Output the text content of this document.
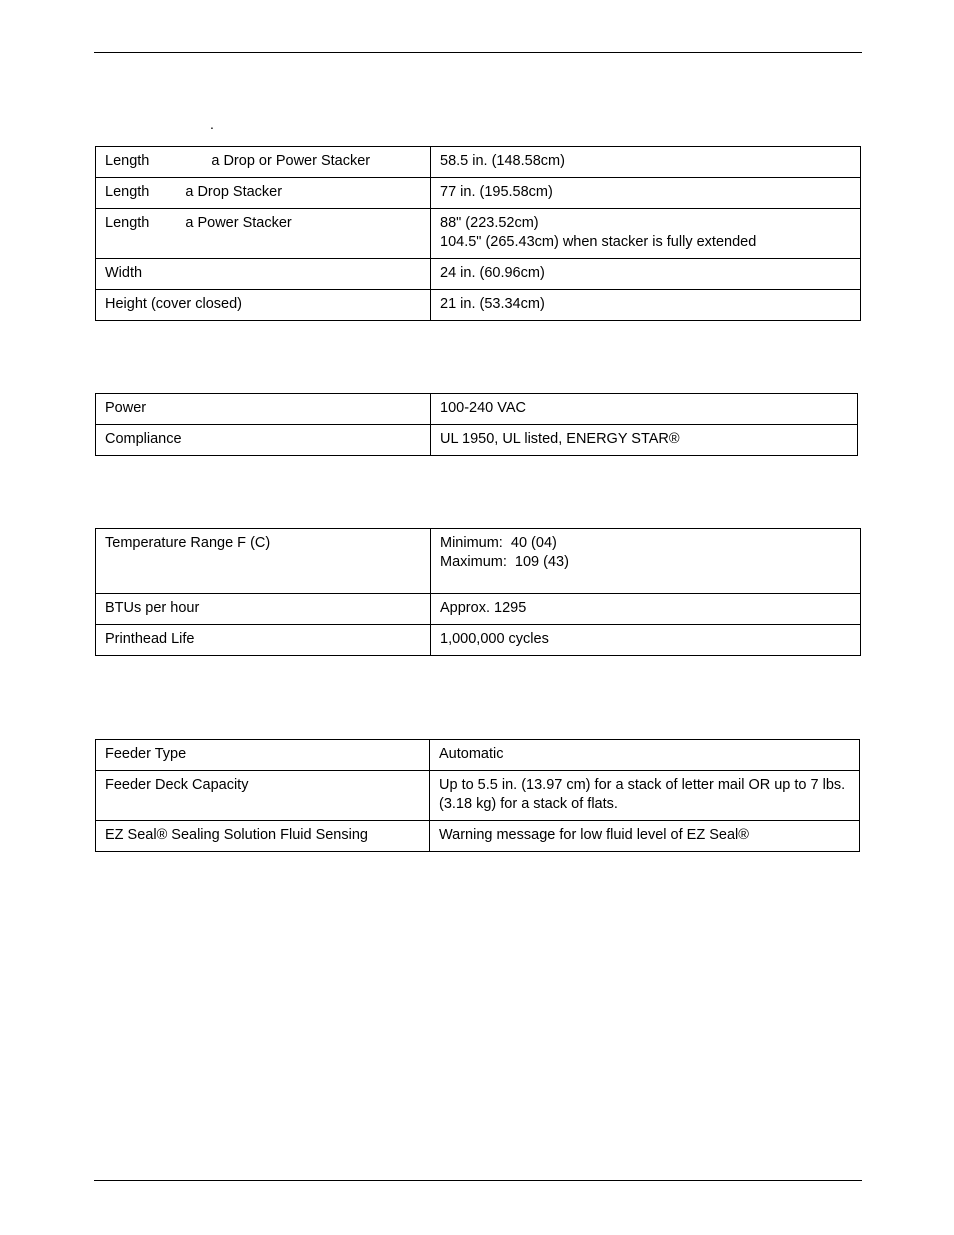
.
Length a Drop or Power Stacker	58.5 in. (148.58cm)
Length a Drop Stacker	77 in. (195.58cm)
Length a Power Stacker	88" (223.52cm)
104.5" (265.43cm) when stacker is fully extended

Width	24 in. (60.96cm)
Height (cover closed)	21 in. (53.34cm)
Power	100-240 VAC
Compliance	UL 1950, UL listed, ENERGY STAR®
Temperature Range F (C)	Minimum:  40 (04)
Maximum:  109 (43)

BTUs per hour	Approx. 1295
Printhead Life	1,000,000 cycles
Feeder Type	Automatic
Feeder Deck Capacity	Up to 5.5 in. (13.97 cm) for a stack of letter mail OR up to 7 lbs. (3.18 kg) for a stack of flats.
EZ Seal® Sealing Solution Fluid Sensing	Warning message for low fluid level of EZ Seal®
